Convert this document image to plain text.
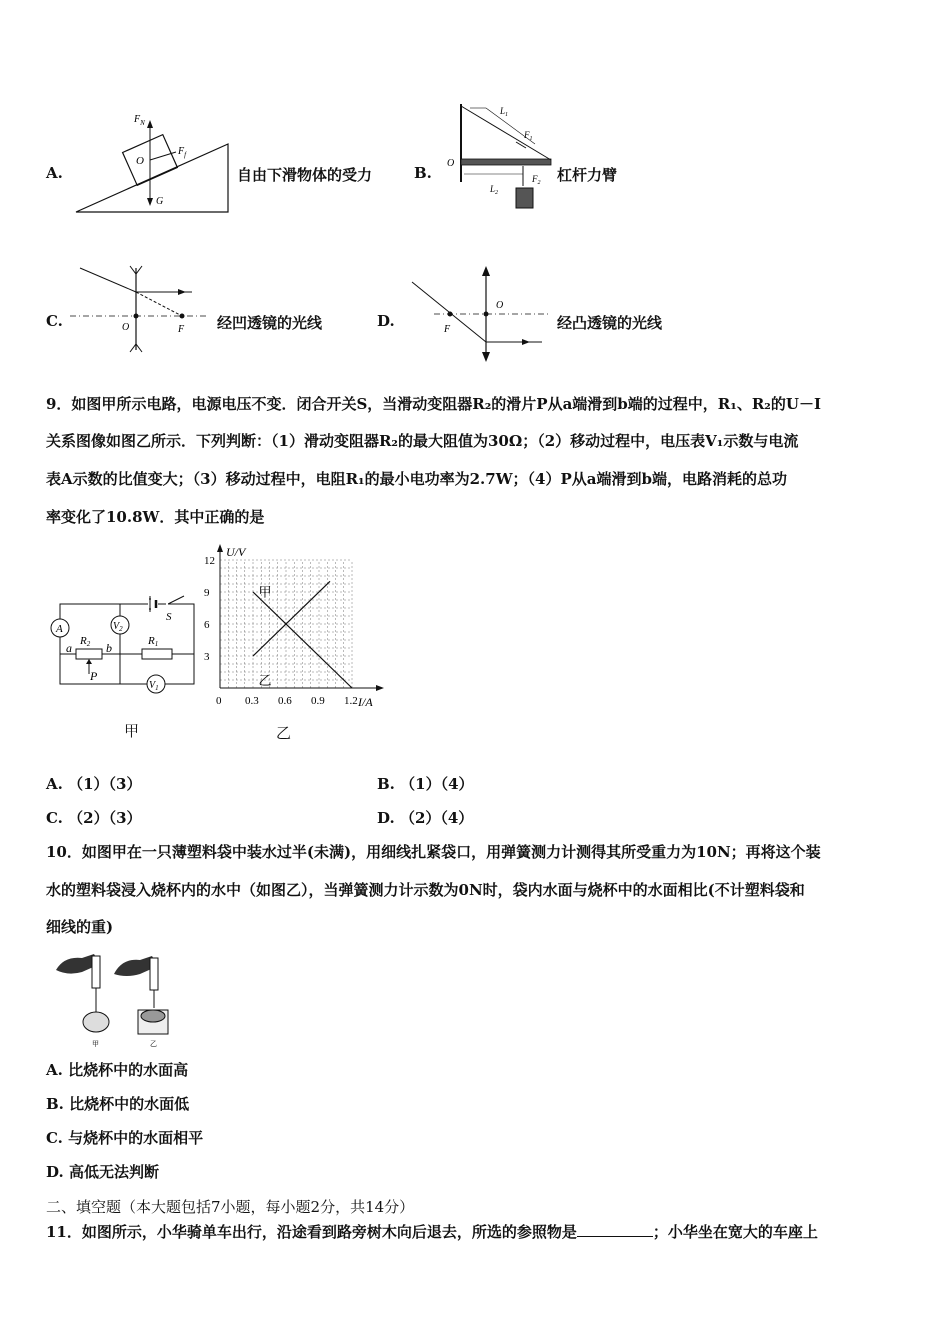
A.
$F_N$
O
$F_f$
G
自由下滑物体的受力	B.
$L_1$
$F_1$
O
$L_2$
$F_2$ 杠杆力臂
C.	O	F 经凹透镜的光线	D.
O
F	经凸透镜的光线
9．如图甲所示电路，电源电压不变．闭合开关S，当滑动变阻器R₂的滑片P从a端滑到b端的过程中，R₁、R₂的U－I
关系图像如图乙所示．下列判断：（1）滑动变阻器R₂的最大阻值为30Ω；（2）移动过程中，电压表V₁示数与电流
表A示数的比值变大；（3）移动过程中，电阻R₁的最小电功率为2.7W；（4）P从a端滑到b端，电路消耗的总功
率变化了10.8W．其中正确的是
A
S
$V_2$
$V_1$
R2	R1
a	b
P
甲
0.3 0.6 0.9 1.2
3
6
9
12
0
甲
乙
U/V
I/A
乙
A. （1）（3）	B. （1）（4）
C. （2）（3）	D. （2）（4）
10．如图甲在一只薄塑料袋中装水过半(未满)，用细线扎紧袋口，用弹簧测力计测得其所受重力为10N；再将这个装
水的塑料袋浸入烧杯内的水中（如图乙），当弹簧测力计示数为0N时，袋内水面与烧杯中的水面相比(不计塑料袋和
细线的重)
甲	乙
A. 比烧杯中的水面高
B. 比烧杯中的水面低
C. 与烧杯中的水面相平
D. 高低无法判断
二、填空题（本大题包括7小题，每小题2分，共14分）
11．如图所示，小华骑单车出行，沿途看到路旁树木向后退去，所选的参照物是	；小华坐在宽大的车座上
